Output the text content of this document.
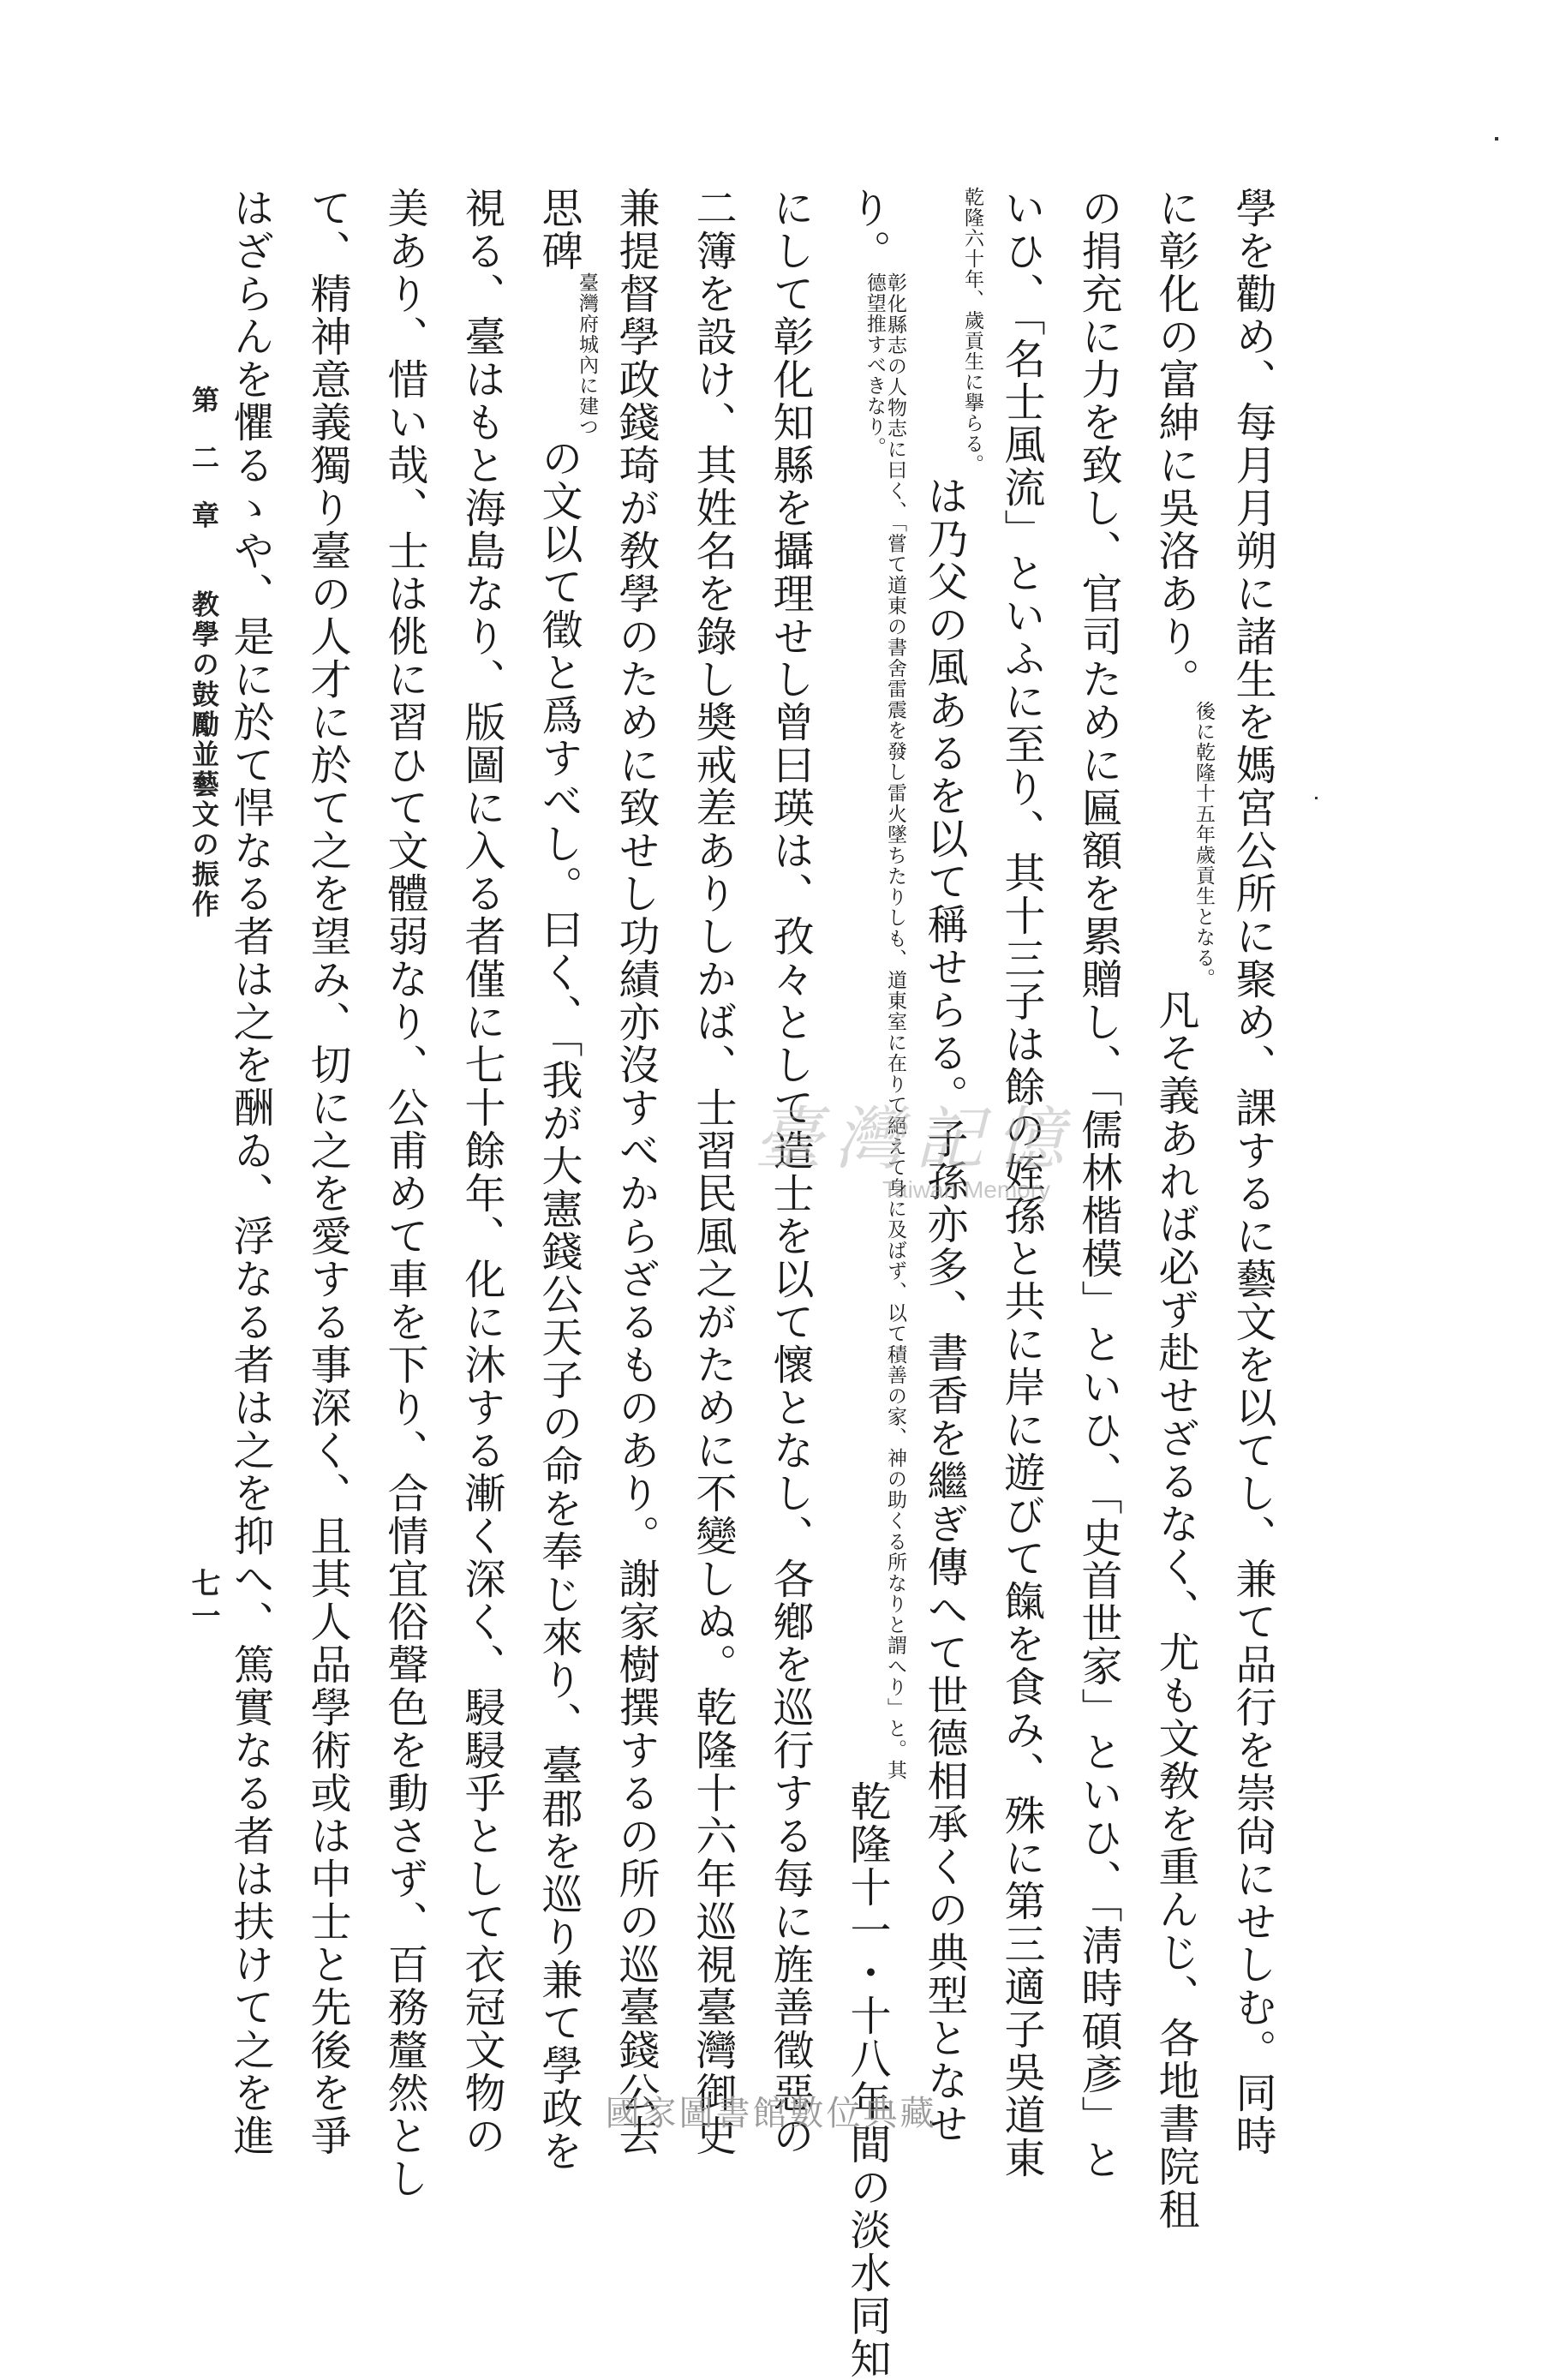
學を勸め、每月月朔に諸生を媽宮公所に聚め、課するに藝文を以てし、兼て品行を崇尙にせしむ。同時
に彰化の富紳に吳洛あり。後に乾隆十五年歲貢生となる。凡そ義あれば必ず赴せざるなく、尤も文敎を重んじ、各地書院租
の捐充に力を致し、官司ために匾額を累贈し、「儒林楷模」といひ、「史首世家」といひ、「淸時碩彥」と
いひ、「名士風流」といふに至り、其十三子は餘の姪孫と共に岸に遊びて餼を食み、殊に第三適子吳道東
乾隆六十年、歲貢生に擧らる。は乃父の風あるを以て稱せらる。子孫亦多、書香を繼ぎ傳へて世德相承くの典型となせ
り。彰化縣志の人物志に曰く、「嘗て道東の書舍雷震を發し雷火墜ちたりしも、道東室に在りて絕えて身に及ばず、以て積善の家、神の助くる所なりと謂へり」と。其德望推すべきなり。乾隆十一・十八年間の淡水同知
にして彰化知縣を攝理せし曾曰瑛は、孜々として造士を以て懷となし、各鄕を巡行する每に旌善徵惡の
二簿を設け、其姓名を錄し奬戒差ありしかば、士習民風之がために不變しぬ。乾隆十六年巡視臺灣御史
兼提督學政錢琦が敎學のために致せし功績亦沒すべからざるものあり。謝家樹撰するの所の巡臺錢公去
思碑臺灣府城內に建つの文以て徵と爲すべし。曰く、「我が大憲錢公天子の命を奉じ來り、臺郡を巡り兼て學政を
視る、臺はもと海島なり、版圖に入る者僅に七十餘年、化に沐する漸く深く、駸駸乎として衣冠文物の
美あり、惜い哉、士は佻に習ひて文體弱なり、公甫めて車を下り、合情宜俗聲色を動さず、百務釐然とし
て、精神意義獨り臺の人才に於て之を望み、切に之を愛する事深く、且其人品學術或は中士と先後を爭
はざらんを懼るゝや、是に於て悍なる者は之を酬ゐ、浮なる者は之を抑へ、篤實なる者は扶けて之を進
第 二 章教學の鼓勵並藝文の振作
七一
臺灣記憶
Taiwan Memory
國家圖書館數位典藏
